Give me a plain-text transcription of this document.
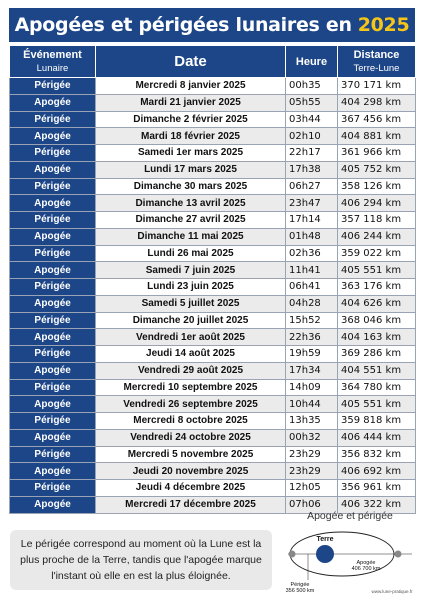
Apogées et périgées lunaires en 2025
Événement
Lunaire	Date	Heure	Distance
Terre-Lune

Périgée	Mercredi 8 janvier 2025	00h35	370 171 km
Apogée	Mardi 21 janvier 2025	05h55	404 298 km
Périgée	Dimanche 2 février 2025	03h44	367 456 km
Apogée	Mardi 18 février 2025	02h10	404 881 km
Périgée	Samedi 1er mars 2025	22h17	361 966 km
Apogée	Lundi 17 mars 2025	17h38	405 752 km
Périgée	Dimanche 30 mars 2025	06h27	358 126 km
Apogée	Dimanche 13 avril 2025	23h47	406 294 km
Périgée	Dimanche 27 avril 2025	17h14	357 118 km
Apogée	Dimanche 11 mai 2025	01h48	406 244 km
Périgée	Lundi 26 mai 2025	02h36	359 022 km
Apogée	Samedi 7 juin 2025	11h41	405 551 km
Périgée	Lundi 23 juin 2025	06h41	363 176 km
Apogée	Samedi 5 juillet 2025	04h28	404 626 km
Périgée	Dimanche 20 juillet 2025	15h52	368 046 km
Apogée	Vendredi 1er août 2025	22h36	404 163 km
Périgée	Jeudi 14 août 2025	19h59	369 286 km
Apogée	Vendredi 29 août 2025	17h34	404 551 km
Périgée	Mercredi 10 septembre 2025	14h09	364 780 km
Apogée	Vendredi 26 septembre 2025	10h44	405 551 km
Périgée	Mercredi 8 octobre 2025	13h35	359 818 km
Apogée	Vendredi 24 octobre 2025	00h32	406 444 km
Périgée	Mercredi 5 novembre 2025	23h29	356 832 km
Apogée	Jeudi 20 novembre 2025	23h29	406 692 km
Périgée	Jeudi 4 décembre 2025	12h05	356 961 km
Apogée	Mercredi 17 décembre 2025	07h06	406 322 km
Le périgée correspond au moment où la Lune est la plus proche de la Terre, tandis que l'apogée marque l'instant où elle en est la plus éloignée.
Apogée et périgée
Terre
Apogée
406 700 km
Périgée
356 500 km	www.lune-pratique.fr
